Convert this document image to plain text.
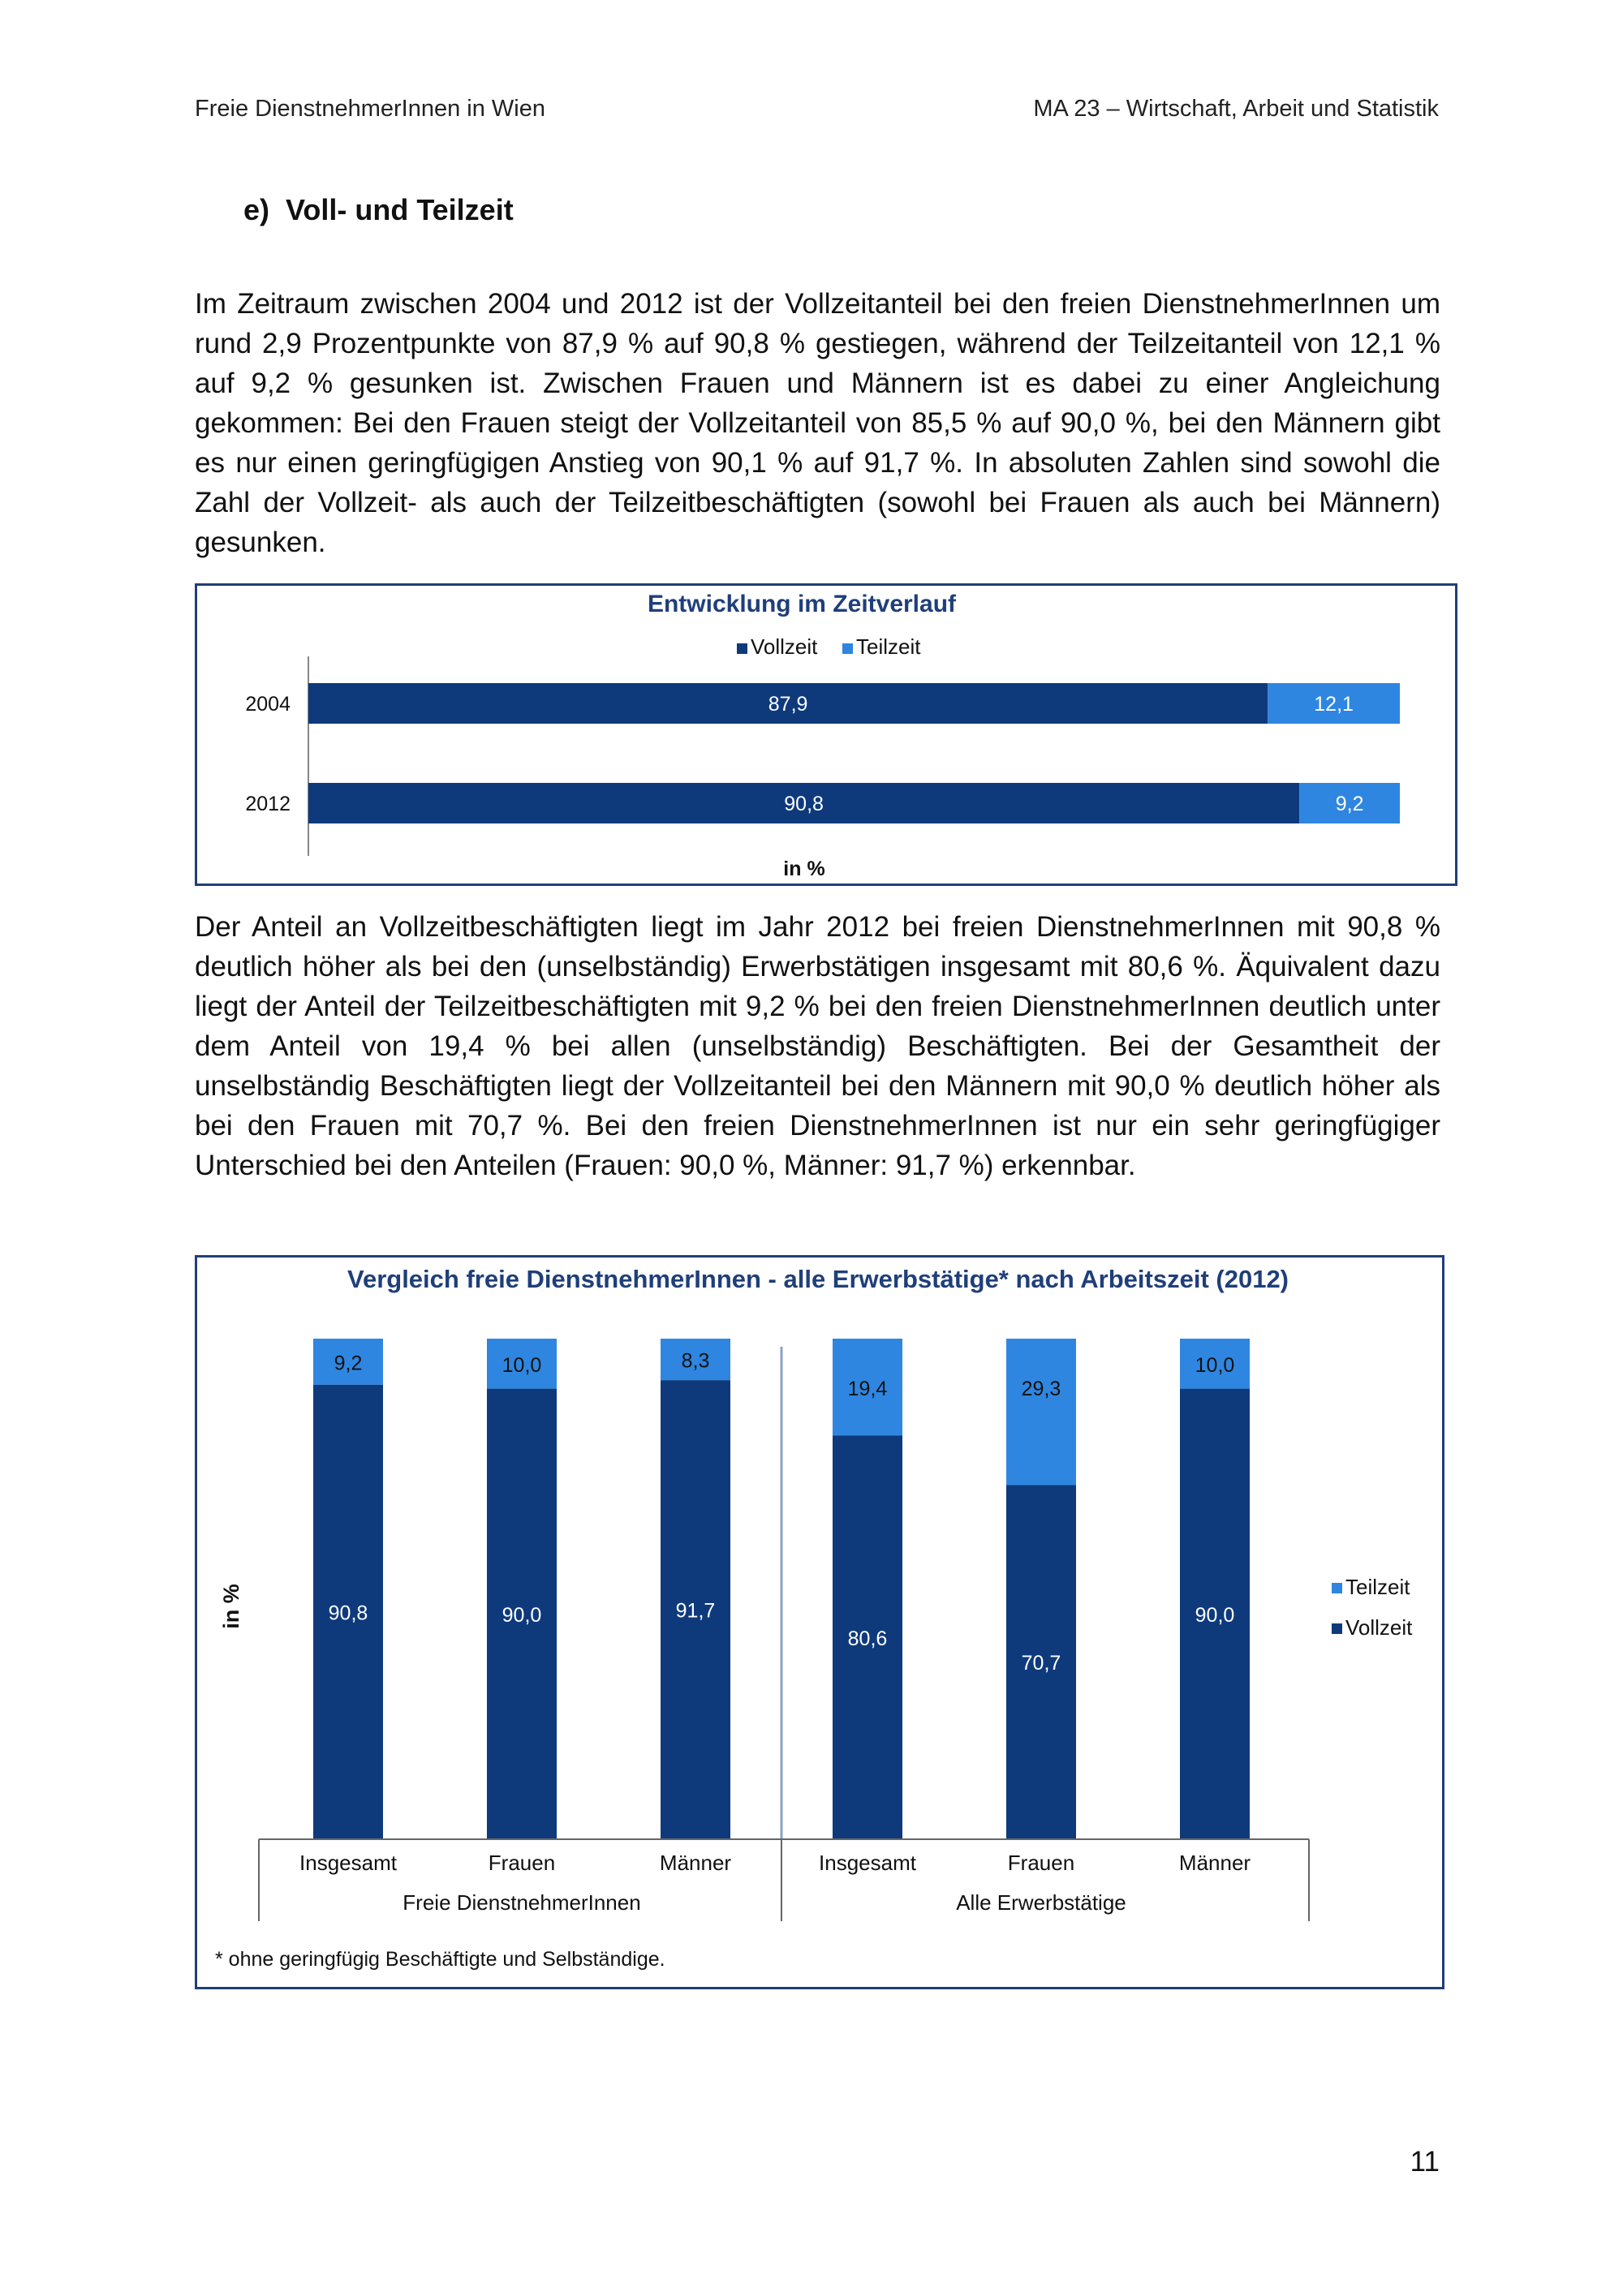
Freie DienstnehmerInnen in Wien	MA 23 – Wirtschaft, Arbeit und Statistik
e) Voll- und Teilzeit

Im Zeitraum zwischen 2004 und 2012 ist der Vollzeitanteil bei den freien DienstnehmerInnen um rund 2,9 Prozentpunkte von 87,9 % auf 90,8 % gestiegen, während der Teilzeitanteil von 12,1 % auf 9,2 % gesunken ist. Zwischen Frauen und Männern ist es dabei zu einer Angleichung gekommen: Bei den Frauen steigt der Vollzeitanteil von 85,5 % auf 90,0 %, bei den Männern gibt es nur einen geringfügigen Anstieg von 90,1 % auf 91,7 %. In absoluten Zahlen sind sowohl die Zahl der Vollzeit- als auch der Teilzeitbeschäftigten (sowohl bei Frauen als auch bei Männern) gesunken.

Entwicklung im Zeitverlauf
Vollzeit Teilzeit
2004	87,9	12,1
2012	90,8	9,2
in %

Der Anteil an Vollzeitbeschäftigten liegt im Jahr 2012 bei freien DienstnehmerInnen mit 90,8 % deutlich höher als bei den (unselbständig) Erwerbstätigen insgesamt mit 80,6 %. Äquivalent dazu liegt der Anteil der Teilzeitbeschäftigten mit 9,2 % bei den freien DienstnehmerInnen deutlich unter dem Anteil von 19,4 % bei allen (unselbständig) Beschäftigten. Bei der Gesamtheit der unselbständig Beschäftigten liegt der Vollzeitanteil bei den Männern mit 90,0 % deutlich höher als bei den Frauen mit 70,7 %. Bei den freien DienstnehmerInnen ist nur ein sehr geringfügiger Unterschied bei den Anteilen (Frauen: 90,0 %, Männer: 91,7 %) erkennbar.

Vergleich freie DienstnehmerInnen - alle Erwerbstätige* nach Arbeitszeit (2012)
in %	90,8
9,2
Insgesamt
90,0
10,0
Frauen
91,7
8,3
Männer
80,6
19,4
Insgesamt
70,7
29,3
Frauen
90,0
10,0
Männer
Freie DienstnehmerInnen	Alle Erwerbstätige
Teilzeit
Vollzeit
* ohne geringfügig Beschäftigte und Selbständige.
11
